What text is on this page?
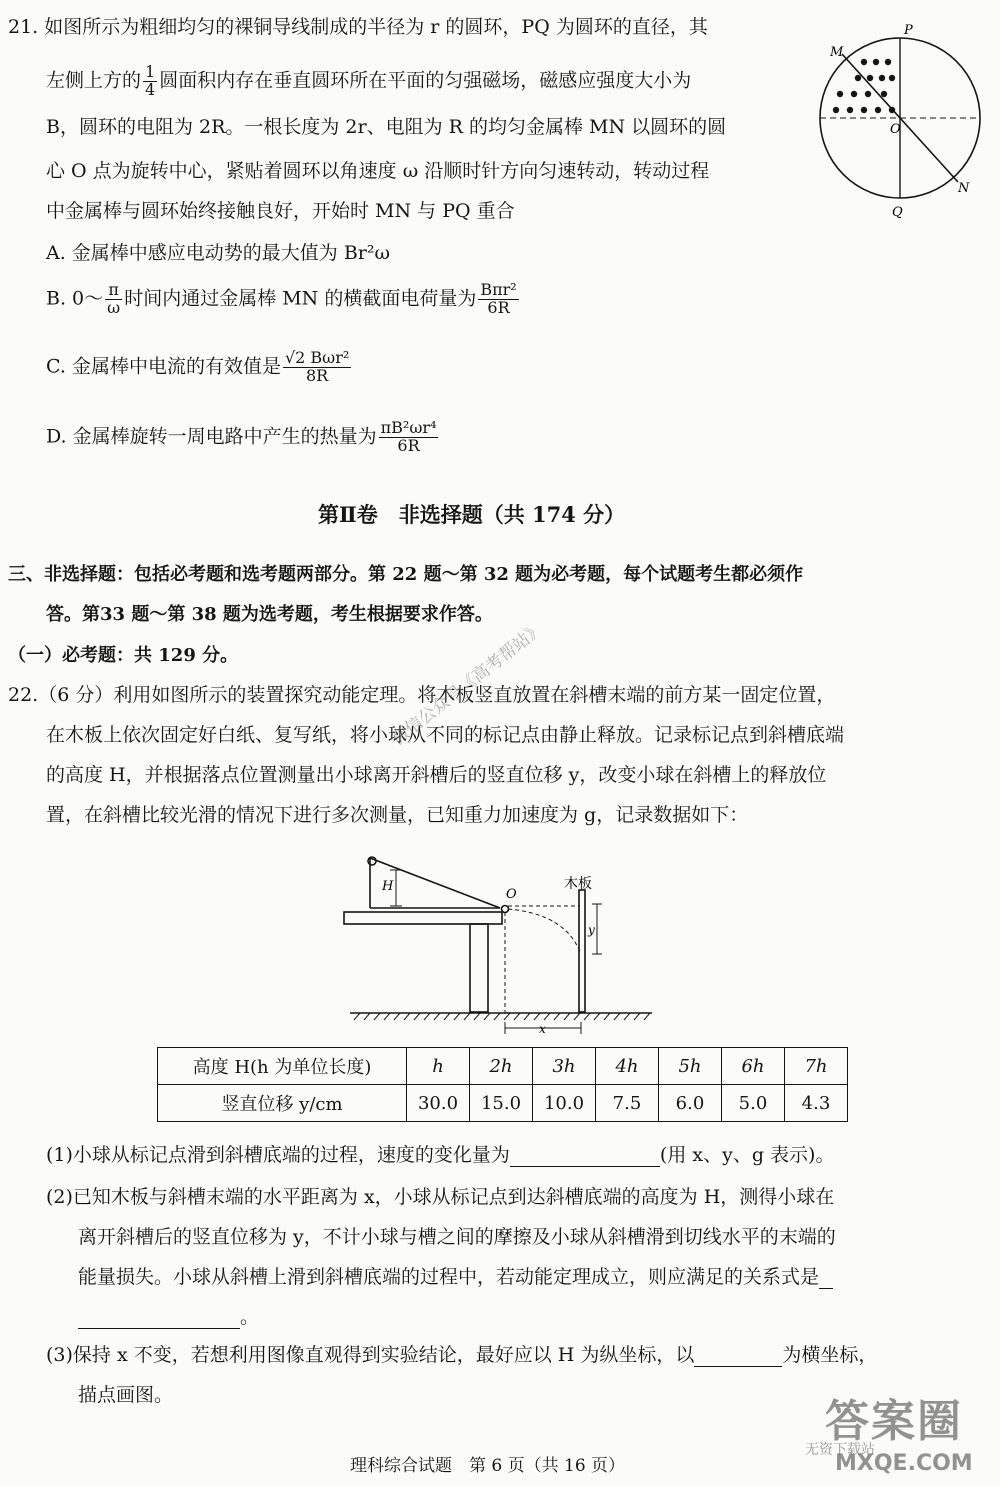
21. 如图所示为粗细均匀的裸铜导线制成的半径为 r 的圆环，PQ 为圆环的直径，其
左侧上方的 $\frac{1}{4}$ 圆面积内存在垂直圆环所在平面的匀强磁场，磁感应强度大小为
B，圆环的电阻为 2R。一根长度为 2r、电阻为 R 的均匀金属棒 MN 以圆环的圆
心 O 点为旋转中心，紧贴着圆环以角速度 ω 沿顺时针方向匀速转动，转动过程
中金属棒与圆环始终接触良好，开始时 MN 与 PQ 重合
A. 金属棒中感应电动势的最大值为 Br²ω
B. 0～ $\frac{\pi}{\omega}$ 时间内通过金属棒 MN 的横截面电荷量为 $\frac{\text{Bπr²}}{6R}$
C. 金属棒中电流的有效值是 $\frac{\text{√2 Bωr²}}{8R}$
D. 金属棒旋转一周电路中产生的热量为 $\frac{\text{πB²ωr⁴}}{6R}$
P
Q
M
N
O
第Ⅱ卷　非选择题（共 174 分）
三、非选择题：包括必考题和选考题两部分。第 22 题～第 32 题为必考题，每个试题考生都必须作
答。第33 题～第 38 题为选考题，考生根据要求作答。
（一）必考题：共 129 分。
22.（6 分）利用如图所示的装置探究动能定理。将木板竖直放置在斜槽末端的前方某一固定位置，
在木板上依次固定好白纸、复写纸，将小球从不同的标记点由静止释放。记录标记点到斜槽底端
的高度 H，并根据落点位置测量出小球离开斜槽后的竖直位移 y，改变小球在斜槽上的释放位
置，在斜槽比较光滑的情况下进行多次测量，已知重力加速度为 g，记录数据如下：
微信公众号《高考帮站》
H
O
木板
y
x
高度 H(h 为单位长度)	h	2h	3h	4h	5h	6h	7h
竖直位移 y/cm	30.0	15.0	10.0	7.5	6.0	5.0	4.3
(1)小球从标记点滑到斜槽底端的过程，速度的变化量为	(用 x、y、g 表示)。
(2)已知木板与斜槽末端的水平距离为 x，小球从标记点到达斜槽底端的高度为 H，测得小球在
离开斜槽后的竖直位移为 y，不计小球与槽之间的摩擦及小球从斜槽滑到切线水平的末端的
能量损失。小球从斜槽上滑到斜槽底端的过程中，若动能定理成立，则应满足的关系式是
。
(3)保持 x 不变，若想利用图像直观得到实验结论，最好应以 H 为纵坐标，以	为横坐标，
描点画图。
理科综合试题　第 6 页（共 16 页）
答案圈
无资下载站
MXQE.COM
